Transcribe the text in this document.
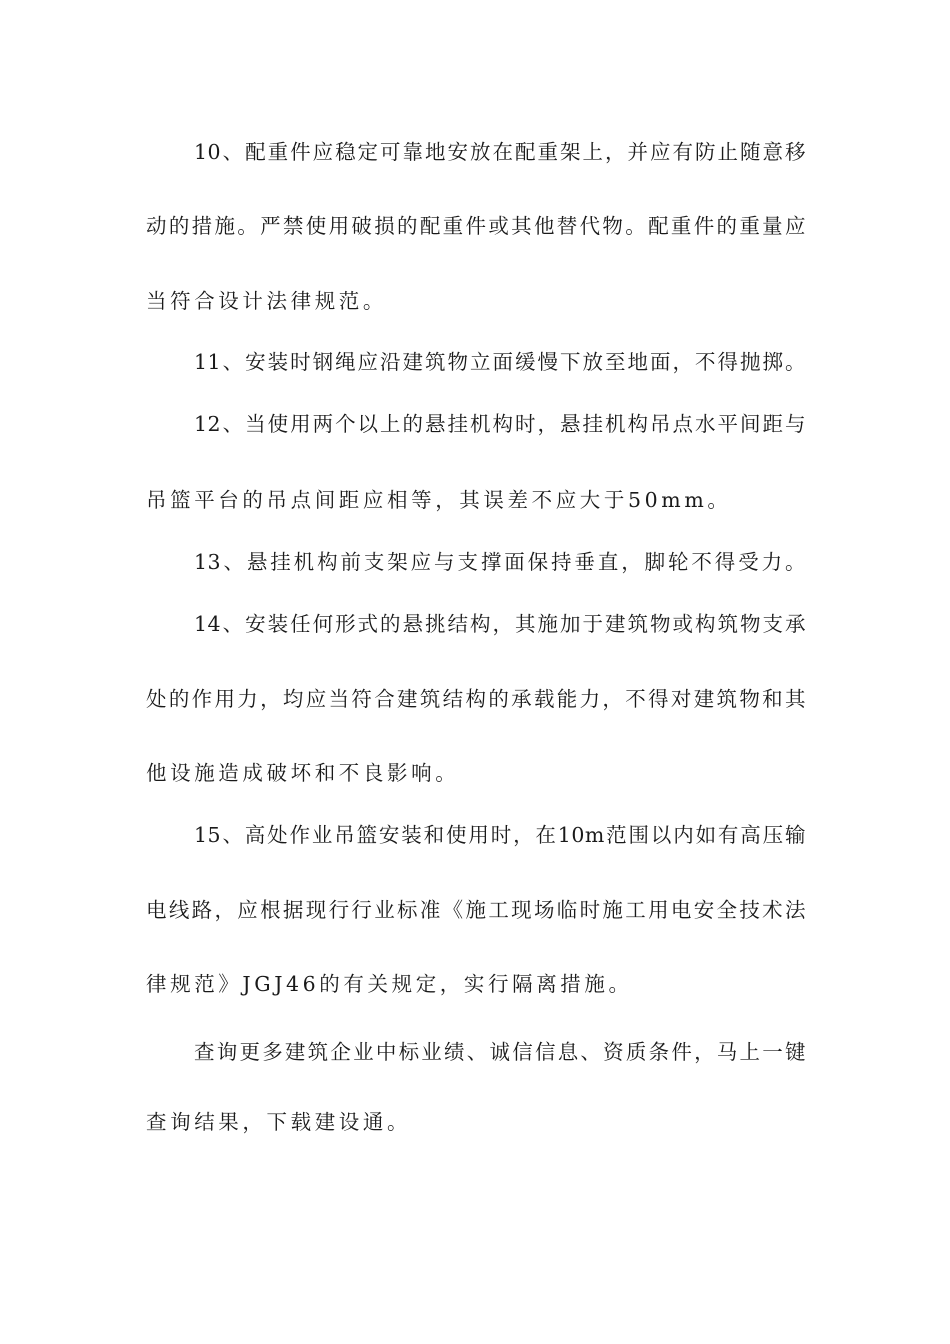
10、配重件应稳定可靠地安放在配重架上，并应有防止随意移
动的措施。严禁使用破损的配重件或其他替代物。配重件的重量应
当符合设计法律规范。
11、安装时钢绳应沿建筑物立面缓慢下放至地面，不得抛掷。
12、当使用两个以上的悬挂机构时，悬挂机构吊点水平间距与
吊篮平台的吊点间距应相等，其误差不应大于50mm。
13、悬挂机构前支架应与支撑面保持垂直，脚轮不得受力。
14、安装任何形式的悬挑结构，其施加于建筑物或构筑物支承
处的作用力，均应当符合建筑结构的承载能力，不得对建筑物和其
他设施造成破坏和不良影响。
15、高处作业吊篮安装和使用时，在10m范围以内如有高压输
电线路，应根据现行行业标准《施工现场临时施工用电安全技术法
律规范》JGJ46的有关规定，实行隔离措施。
查询更多建筑企业中标业绩、诚信信息、资质条件，马上一键
查询结果，下载建设通。
